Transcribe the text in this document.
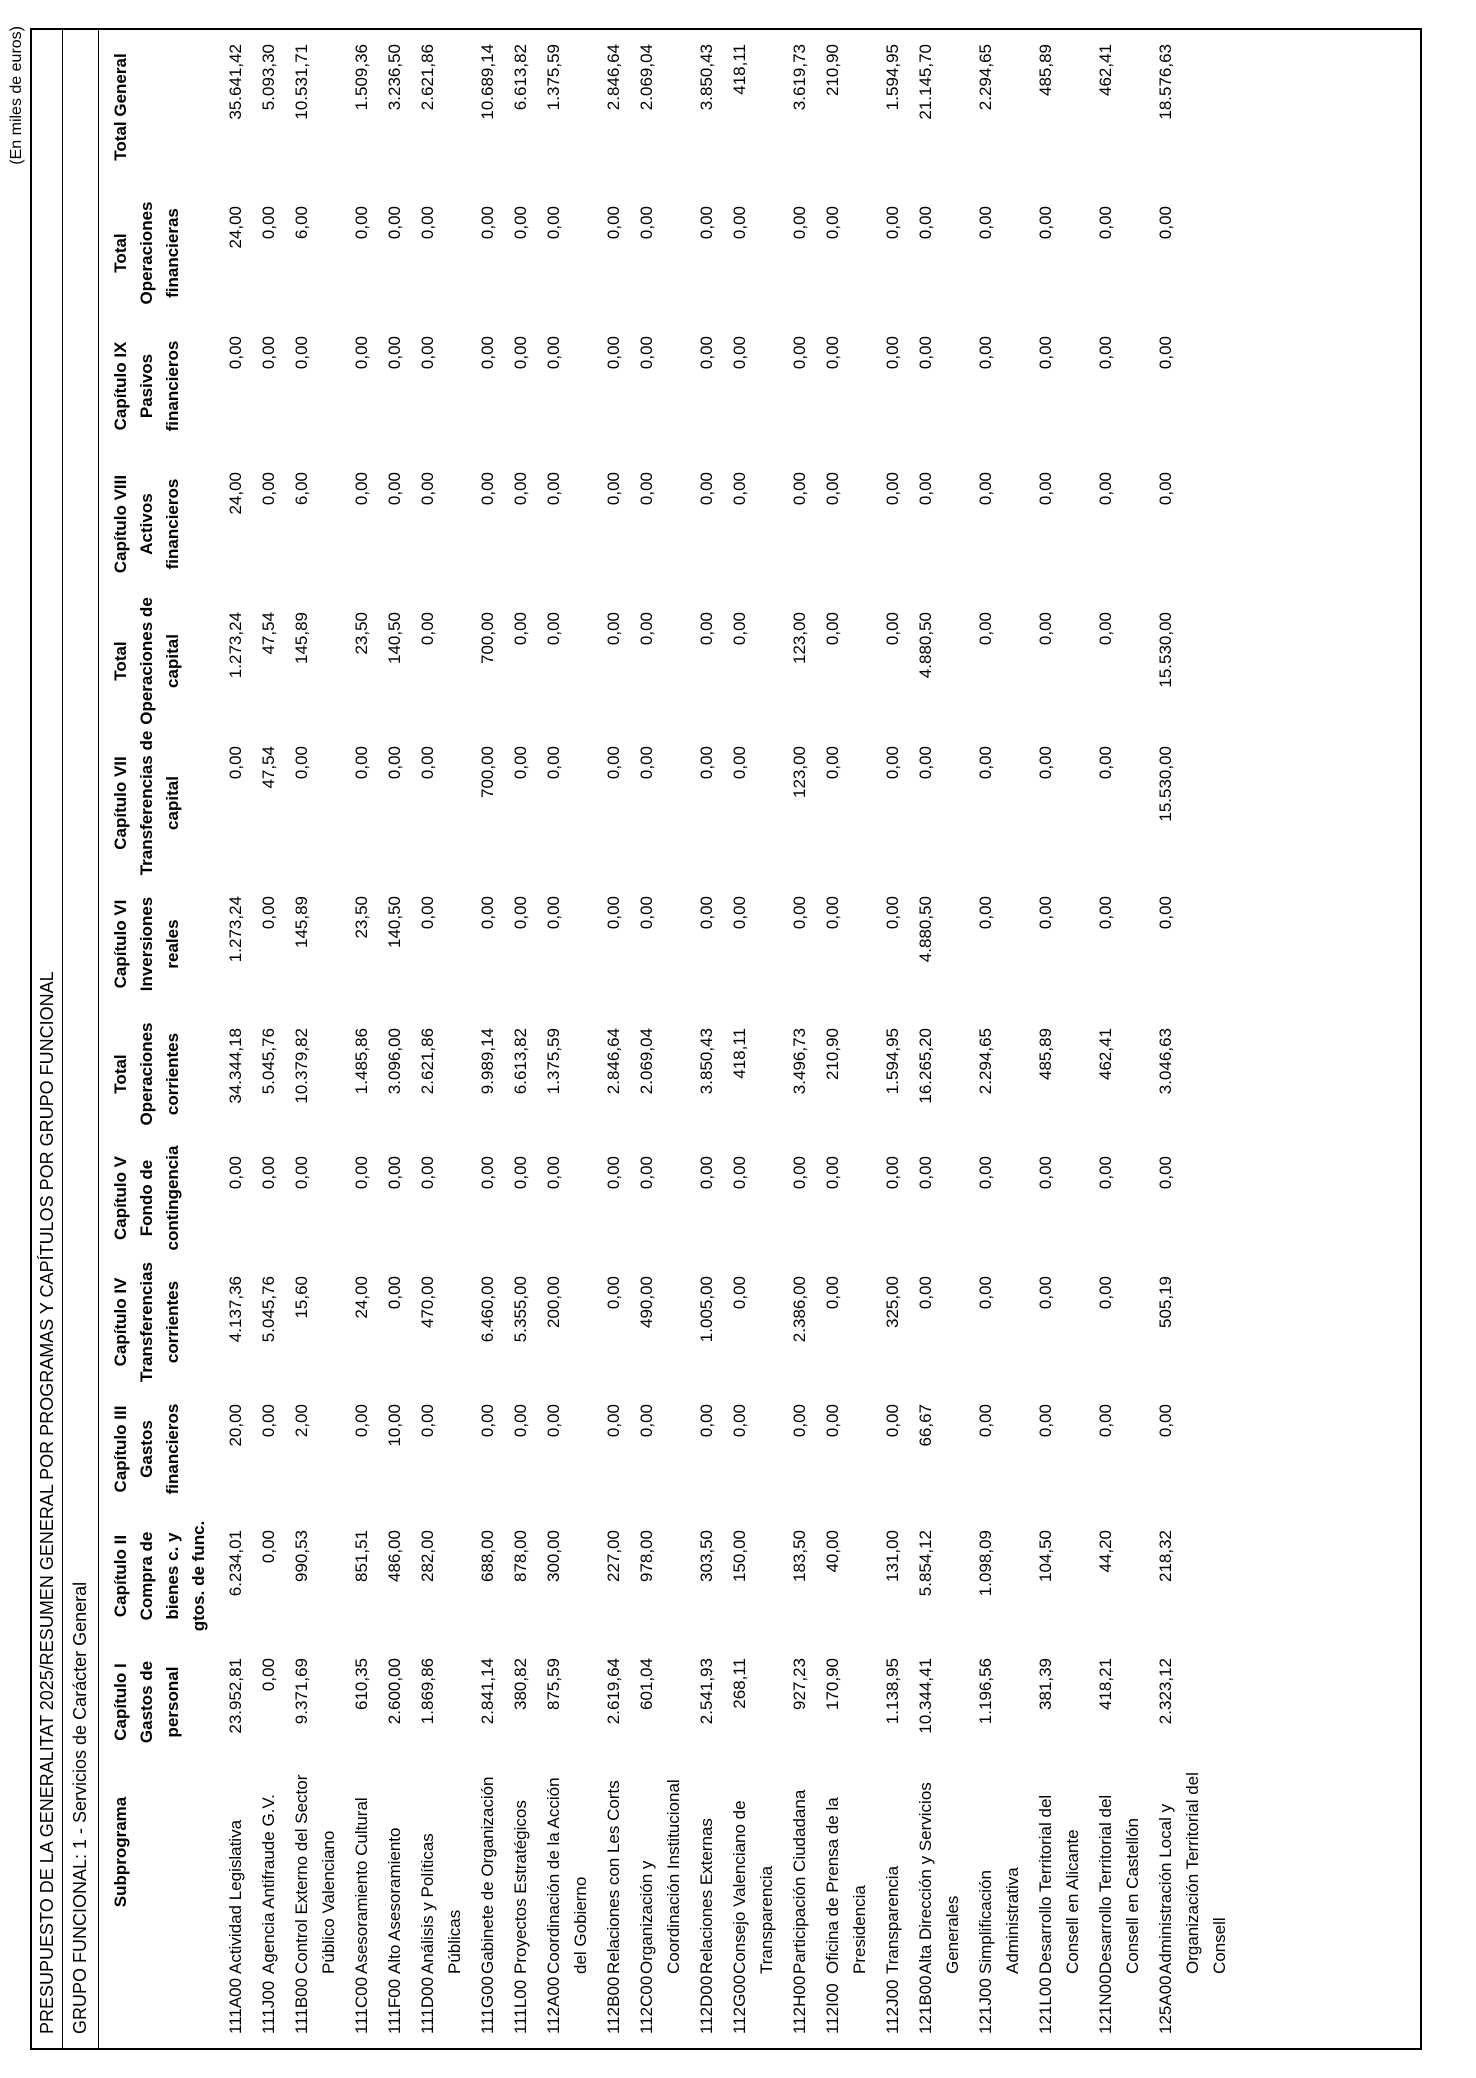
(En miles de euros)
PRESUPUESTO DE LA GENERALITAT 2025/RESUMEN GENERAL POR PROGRAMAS Y CAPÍTULOS POR GRUPO FUNCIONAL GRUPO FUNCIONAL: 1 - Servicios de Carácter General
		Subprograma	Capítulo I Gastos de personal	Capítulo II Compra de bienes c. y gtos. de func.	Capítulo III Gastos financieros	Capítulo IV Transferencias corrientes	Capítulo V Fondo de contingencia	Total Operaciones corrientes	Capítulo VI Inversiones reales	Capítulo VII Transferencias de capital	Total Operaciones de capital	Capítulo VIII Activos financieros	Capítulo IX Pasivos financieros	Total Operaciones financieras	Total General
111A00	Actividad Legislativa	23.952,81	6.234,01	20,00	4.137,36	0,00	34.344,18	1.273,24	0,00	1.273,24	24,00	0,00	24,00	35.641,42
111J00	Agencia Antifraude G.V.	0,00	0,00	0,00	5.045,76	0,00	5.045,76	0,00	47,54	47,54	0,00	0,00	0,00	5.093,30
111B00	Control Externo del Sector Público Valenciano	9.371,69	990,53	2,00	15,60	0,00	10.379,82	145,89	0,00	145,89	6,00	0,00	6,00	10.531,71
111C00	Asesoramiento Cultural	610,35	851,51	0,00	24,00	0,00	1.485,86	23,50	0,00	23,50	0,00	0,00	0,00	1.509,36
111F00	Alto Asesoramiento	2.600,00	486,00	10,00	0,00	0,00	3.096,00	140,50	0,00	140,50	0,00	0,00	0,00	3.236,50
111D00	Análisis y Políticas Públicas	1.869,86	282,00	0,00	470,00	0,00	2.621,86	0,00	0,00	0,00	0,00	0,00	0,00	2.621,86
111G00	Gabinete de Organización	2.841,14	688,00	0,00	6.460,00	0,00	9.989,14	0,00	700,00	700,00	0,00	0,00	0,00	10.689,14
111L00	Proyectos Estratégicos	380,82	878,00	0,00	5.355,00	0,00	6.613,82	0,00	0,00	0,00	0,00	0,00	0,00	6.613,82
112A00	Coordinación de la Acción del Gobierno	875,59	300,00	0,00	200,00	0,00	1.375,59	0,00	0,00	0,00	0,00	0,00	0,00	1.375,59
112B00	Relaciones con Les Corts	2.619,64	227,00	0,00	0,00	0,00	2.846,64	0,00	0,00	0,00	0,00	0,00	0,00	2.846,64
112C00	Organización y Coordinación Institucional	601,04	978,00	0,00	490,00	0,00	2.069,04	0,00	0,00	0,00	0,00	0,00	0,00	2.069,04
112D00	Relaciones Externas	2.541,93	303,50	0,00	1.005,00	0,00	3.850,43	0,00	0,00	0,00	0,00	0,00	0,00	3.850,43
112G00	Consejo Valenciano de Transparencia	268,11	150,00	0,00	0,00	0,00	418,11	0,00	0,00	0,00	0,00	0,00	0,00	418,11
112H00	Participación Ciudadana	927,23	183,50	0,00	2.386,00	0,00	3.496,73	0,00	123,00	123,00	0,00	0,00	0,00	3.619,73
112I00	Oficina de Prensa de la Presidencia	170,90	40,00	0,00	0,00	0,00	210,90	0,00	0,00	0,00	0,00	0,00	0,00	210,90
112J00	Transparencia	1.138,95	131,00	0,00	325,00	0,00	1.594,95	0,00	0,00	0,00	0,00	0,00	0,00	1.594,95
121B00	Alta Dirección y Servicios Generales	10.344,41	5.854,12	66,67	0,00	0,00	16.265,20	4.880,50	0,00	4.880,50	0,00	0,00	0,00	21.145,70
121J00	Simplificación Administrativa	1.196,56	1.098,09	0,00	0,00	0,00	2.294,65	0,00	0,00	0,00	0,00	0,00	0,00	2.294,65
121L00	Desarrollo Territorial del Consell en Alicante	381,39	104,50	0,00	0,00	0,00	485,89	0,00	0,00	0,00	0,00	0,00	0,00	485,89
121N00	Desarrollo Territorial del Consell en Castellón	418,21	44,20	0,00	0,00	0,00	462,41	0,00	0,00	0,00	0,00	0,00	0,00	462,41
125A00	Administración Local y Organización Territorial del Consell	2.323,12	218,32	0,00	505,19	0,00	3.046,63	0,00	15.530,00	15.530,00	0,00	0,00	0,00	18.576,63
